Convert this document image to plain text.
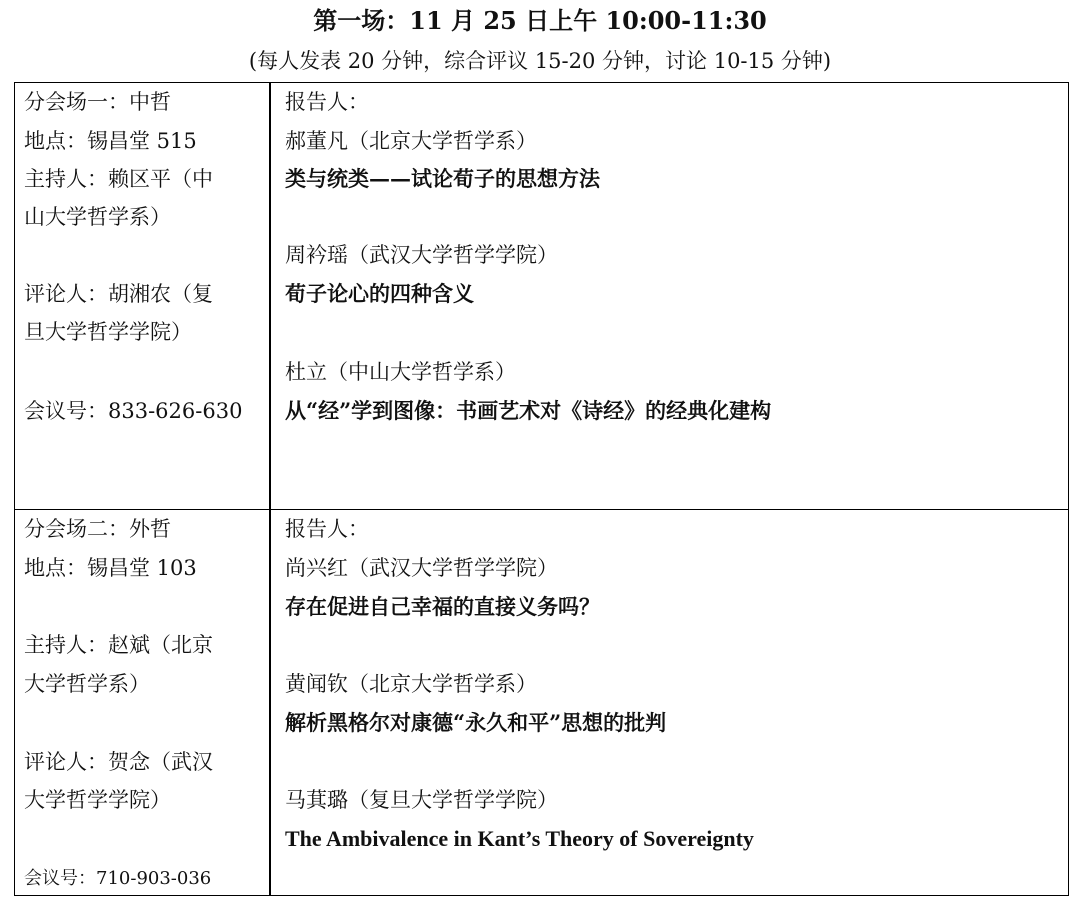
第一场：11 月 25 日上午 10:00-11:30
(每人发表 20 分钟，综合评议 15-20 分钟，讨论 10-15 分钟)
分会场一：中哲
地点：锡昌堂 515
主持人：赖区平（中
山大学哲学系）
评论人：胡湘农（复
旦大学哲学学院）
会议号：833-626-630
报告人：
郝董凡（北京大学哲学系）
类与统类——试论荀子的思想方法
周衿瑶（武汉大学哲学学院）
荀子论心的四种含义
杜立（中山大学哲学系）
从“经”学到图像：书画艺术对《诗经》的经典化建构
分会场二：外哲
地点：锡昌堂 103
主持人：赵斌（北京
大学哲学系）
评论人：贺念（武汉
大学哲学学院）
会议号：710-903-036
报告人：
尚兴红（武汉大学哲学学院）
存在促进自己幸福的直接义务吗？
黄闻钦（北京大学哲学系）
解析黑格尔对康德“永久和平”思想的批判
马萁璐（复旦大学哲学学院）
The Ambivalence in Kant’s Theory of Sovereignty
